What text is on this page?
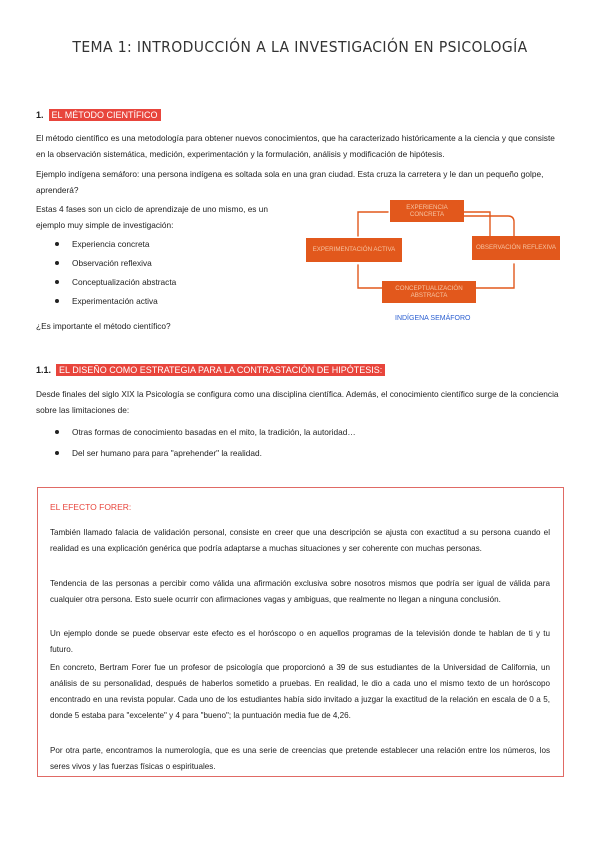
TEMA 1: INTRODUCCIÓN A LA INVESTIGACIÓN EN PSICOLOGÍA
1. EL MÉTODO CIENTÍFICO

El método científico es una metodología para obtener nuevos conocimientos, que ha caracterizado históricamente a la ciencia y que consiste en la observación sistemática, medición, experimentación y la formulación, análisis y modificación de hipótesis.

Ejemplo indígena semáforo: una persona indígena es soltada sola en una gran ciudad. Esta cruza la carretera y le dan un pequeño golpe, aprenderá?

Estas 4 fases son un ciclo de aprendizaje de uno mismo, es un ejemplo muy simple de investigación:

Experiencia concreta
Observación reflexiva
Conceptualización abstracta
Experimentación activa

¿Es importante el método científico?

EXPERIENCIA CONCRETA
OBSERVACIÓN REFLEXIVA
CONCEPTUALIZACIÓN ABSTRACTA
EXPERIMENTACIÓN ACTIVA
INDÍGENA SEMÁFORO
1.1. EL DISEÑO COMO ESTRATEGIA PARA LA CONTRASTACIÓN DE HIPÓTESIS:

Desde finales del siglo XIX la Psicología se configura como una disciplina científica. Además, el conocimiento científico surge de la conciencia sobre las limitaciones de:

Otras formas de conocimiento basadas en el mito, la tradición, la autoridad…
Del ser humano para para "aprehender" la realidad.
EL EFECTO FORER:

También llamado falacia de validación personal, consiste en creer que una descripción se ajusta con exactitud a su persona cuando el realidad es una explicación genérica que podría adaptarse a muchas situaciones y ser coherente con muchas personas.

Tendencia de las personas a percibir como válida una afirmación exclusiva sobre nosotros mismos que podría ser igual de válida para cualquier otra persona. Esto suele ocurrir con afirmaciones vagas y ambiguas, que realmente no llegan a ninguna conclusión.

Un ejemplo donde se puede observar este efecto es el horóscopo o en aquellos programas de la televisión donde te hablan de ti y tu futuro.

En concreto, Bertram Forer fue un profesor de psicología que proporcionó a 39 de sus estudiantes de la Universidad de California, un análisis de su personalidad, después de haberlos sometido a pruebas. En realidad, le dio a cada uno el mismo texto de un horóscopo encontrado en una revista popular. Cada uno de los estudiantes había sido invitado a juzgar la exactitud de la relación en escala de 0 a 5, donde 5 estaba para "excelente" y 4 para "bueno"; la puntuación media fue de 4,26.

Por otra parte, encontramos la numerología, que es una serie de creencias que pretende establecer una relación entre los números, los seres vivos y las fuerzas físicas o espirituales.
